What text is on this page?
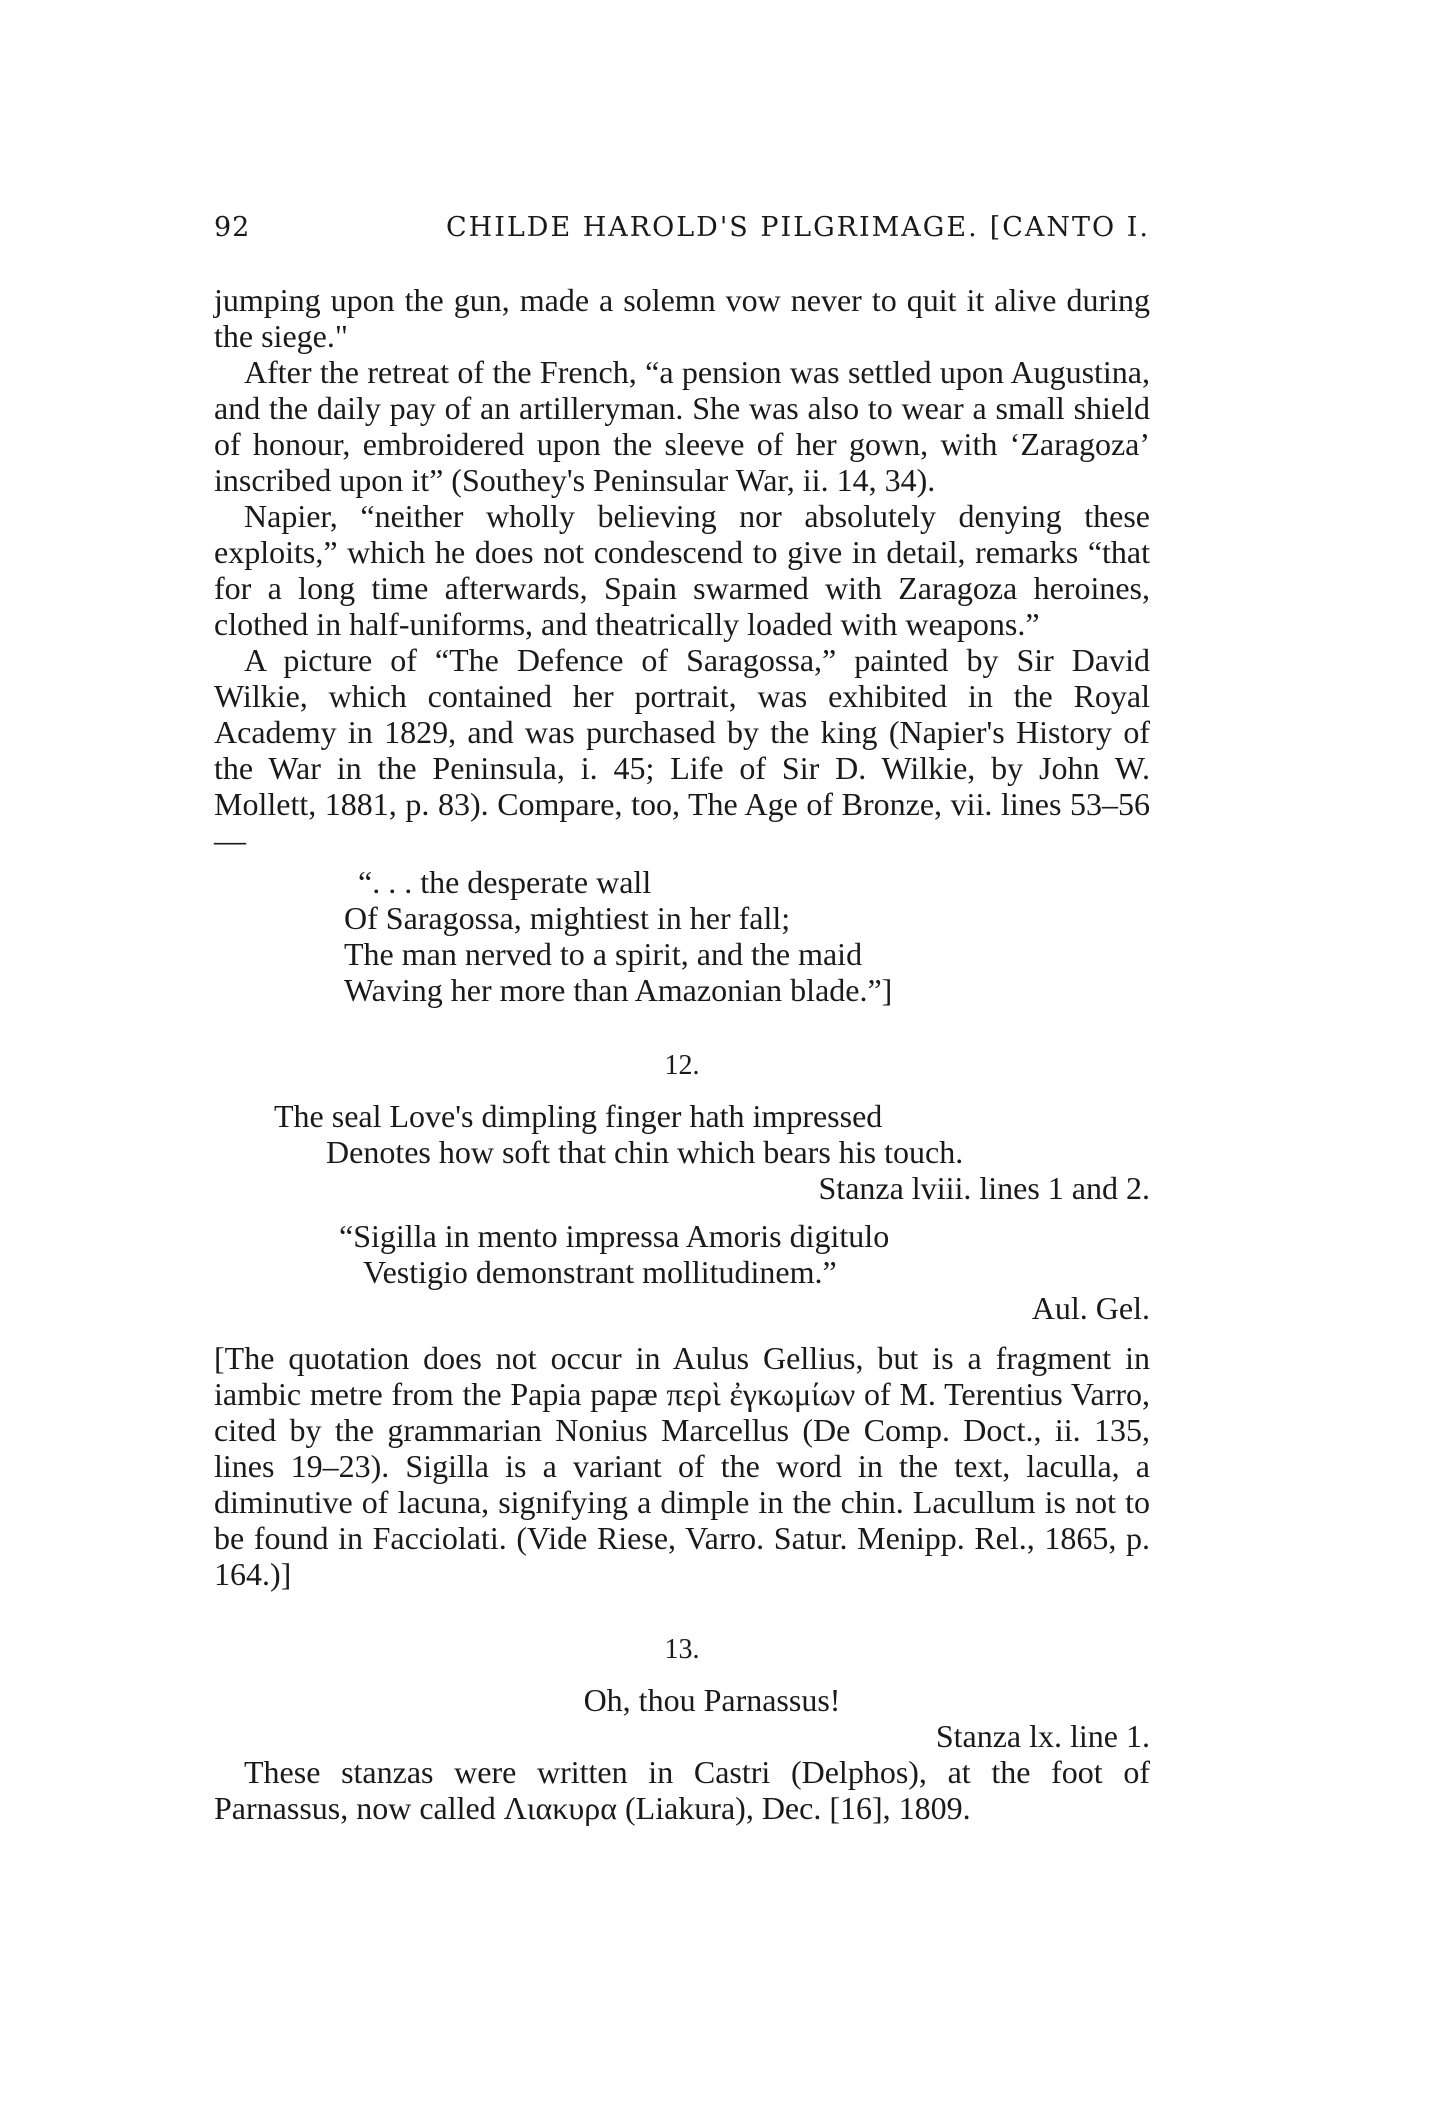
92	CHILDE HAROLD'S PILGRIMAGE. [CANTO I.

jumping upon the gun, made a solemn vow never to quit it alive during the siege."

After the retreat of the French, “a pension was settled upon Augustina, and the daily pay of an artilleryman. She was also to wear a small shield of honour, embroidered upon the sleeve of her gown, with ‘Zaragoza’ inscribed upon it” (Southey's Peninsular War, ii. 14, 34).

Napier, “neither wholly believing nor absolutely denying these exploits,” which he does not condescend to give in detail, remarks “that for a long time afterwards, Spain swarmed with Zaragoza heroines, clothed in half-uniforms, and theatrically loaded with weapons.”

A picture of “The Defence of Saragossa,” painted by Sir David Wilkie, which contained her portrait, was exhibited in the Royal Academy in 1829, and was purchased by the king (Napier's History of the War in the Peninsula, i. 45; Life of Sir D. Wilkie, by John W. Mollett, 1881, p. 83). Compare, too, The Age of Bronze, vii. lines 53–56—

“. . . the desperate wall
Of Saragossa, mightiest in her fall;
The man nerved to a spirit, and the maid
Waving her more than Amazonian blade.”]
12.
The seal Love's dimpling finger hath impressed
Denotes how soft that chin which bears his touch.
Stanza lviii. lines 1 and 2.
“Sigilla in mento impressa Amoris digitulo
Vestigio demonstrant mollitudinem.”
Aul. Gel.

[The quotation does not occur in Aulus Gellius, but is a fragment in iambic metre from the Papia papæ περὶ ἐγκωμίων of M. Terentius Varro, cited by the grammarian Nonius Marcellus (De Comp. Doct., ii. 135, lines 19–23). Sigilla is a variant of the word in the text, laculla, a diminutive of lacuna, signifying a dimple in the chin. Lacullum is not to be found in Facciolati. (Vide Riese, Varro. Satur. Menipp. Rel., 1865, p. 164.)]

13.
Oh, thou Parnassus!
Stanza lx. line 1.

These stanzas were written in Castri (Delphos), at the foot of Parnassus, now called Λιακυρα (Liakura), Dec. [16], 1809.
